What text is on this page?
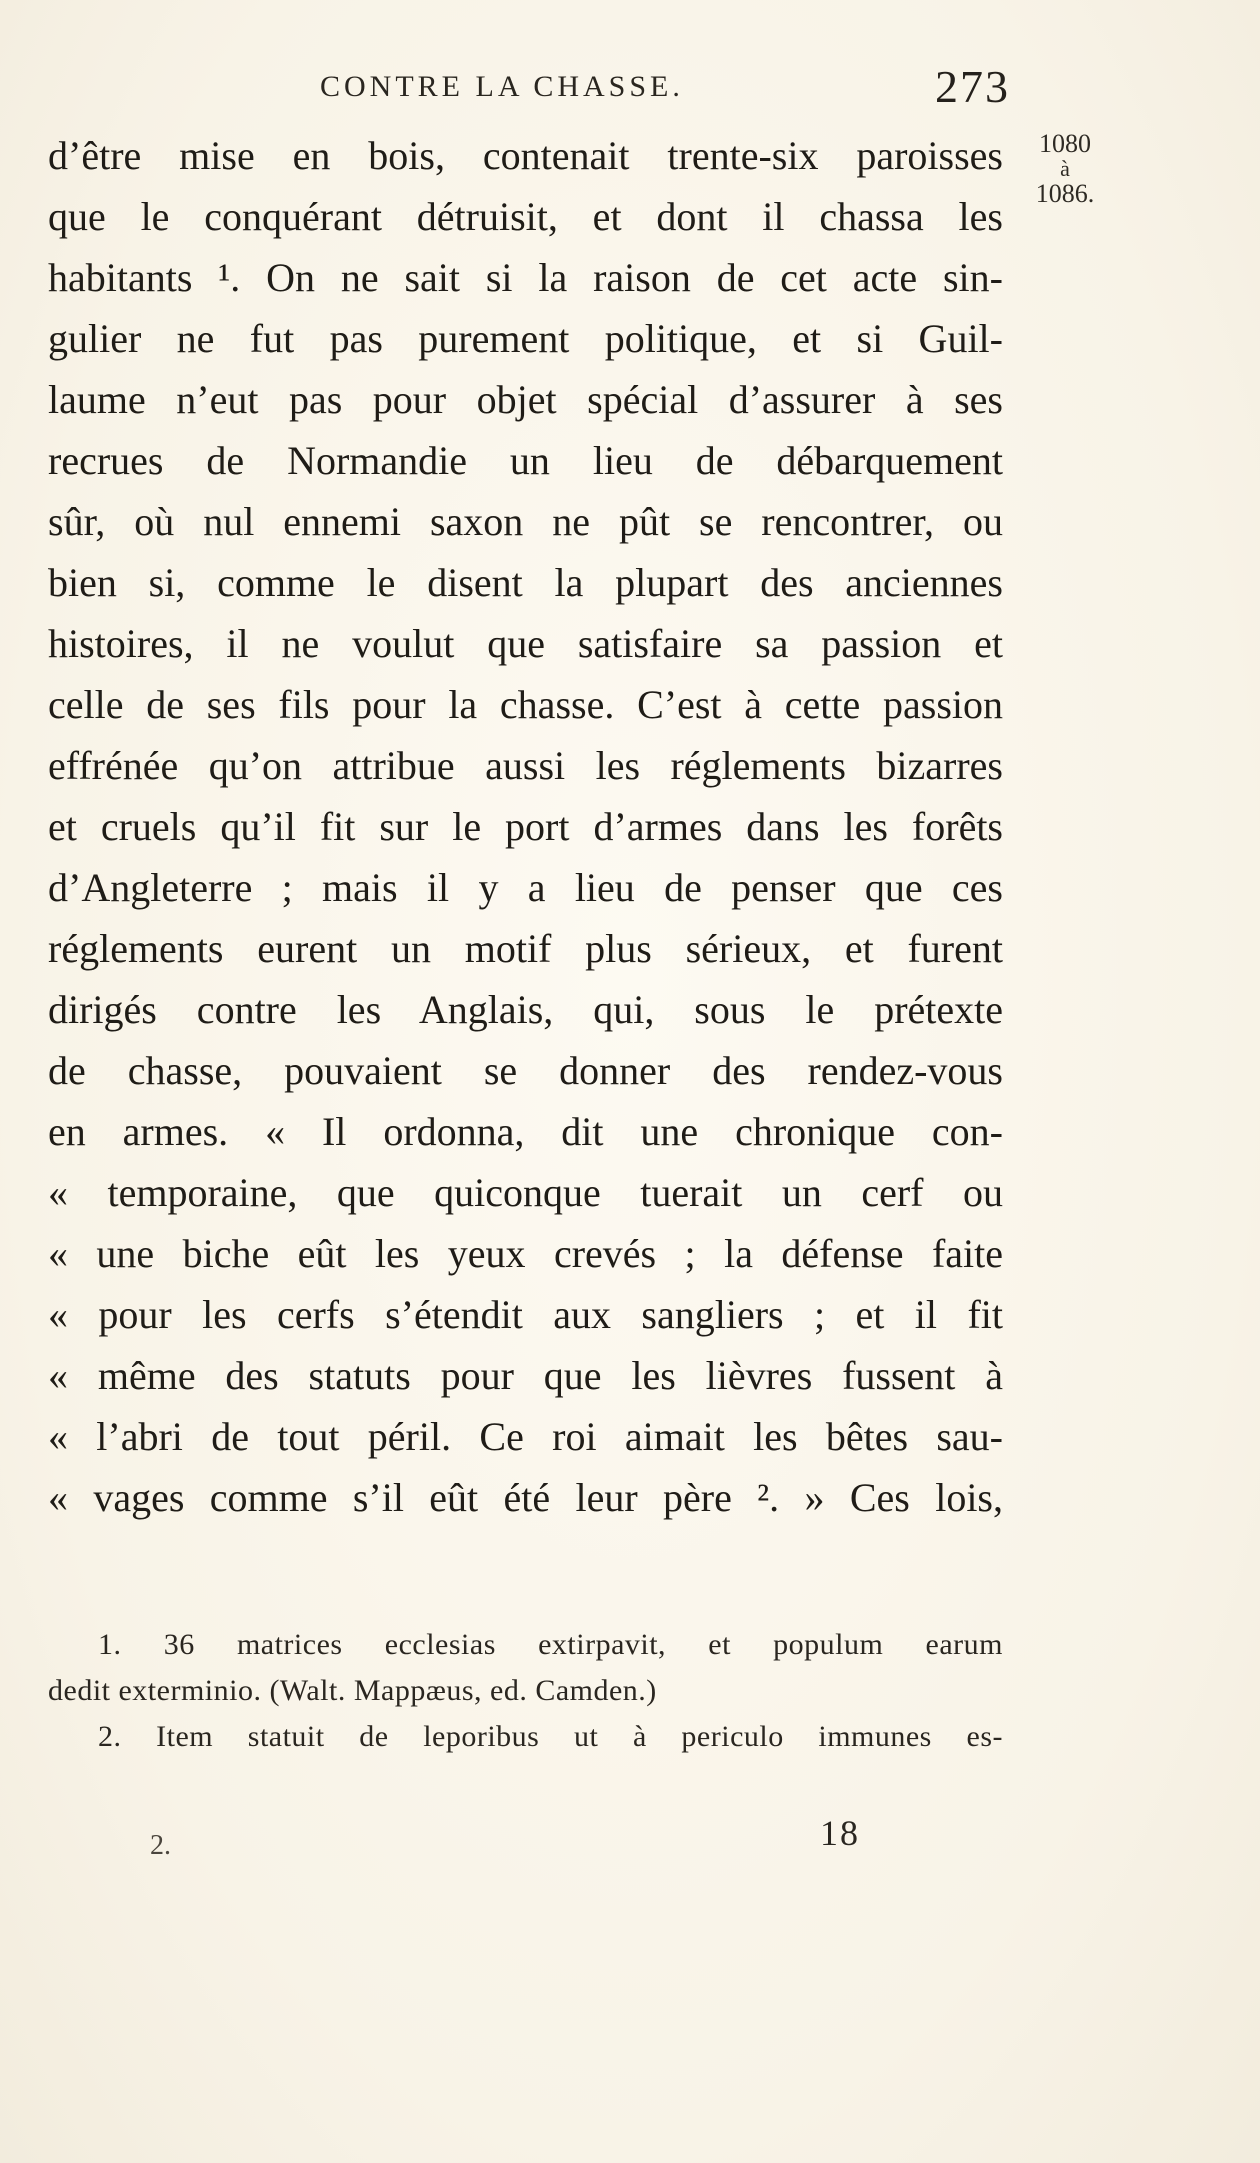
CONTRE LA CHASSE.	273
1080
à
1086.
d’être mise en bois, contenait trente-six paroisses
que le conquérant détruisit, et dont il chassa les
habitants ¹. On ne sait si la raison de cet acte sin-
gulier ne fut pas purement politique, et si Guil-
laume n’eut pas pour objet spécial d’assurer à ses
recrues de Normandie un lieu de débarquement
sûr, où nul ennemi saxon ne pût se rencontrer, ou
bien si, comme le disent la plupart des anciennes
histoires, il ne voulut que satisfaire sa passion et
celle de ses fils pour la chasse. C’est à cette passion
effrénée qu’on attribue aussi les réglements bizarres
et cruels qu’il fit sur le port d’armes dans les forêts
d’Angleterre ; mais il y a lieu de penser que ces
réglements eurent un motif plus sérieux, et furent
dirigés contre les Anglais, qui, sous le prétexte
de chasse, pouvaient se donner des rendez-vous
en armes. « Il ordonna, dit une chronique con-
« temporaine, que quiconque tuerait un cerf ou
« une biche eût les yeux crevés ; la défense faite
« pour les cerfs s’étendit aux sangliers ; et il fit
« même des statuts pour que les lièvres fussent à
« l’abri de tout péril. Ce roi aimait les bêtes sau-
« vages comme s’il eût été leur père ². » Ces lois,
1. 36 matrices ecclesias extirpavit, et populum earum
dedit exterminio. (Walt. Mappæus, ed. Camden.)
2. Item statuit de leporibus ut à periculo immunes es-
2.	18
